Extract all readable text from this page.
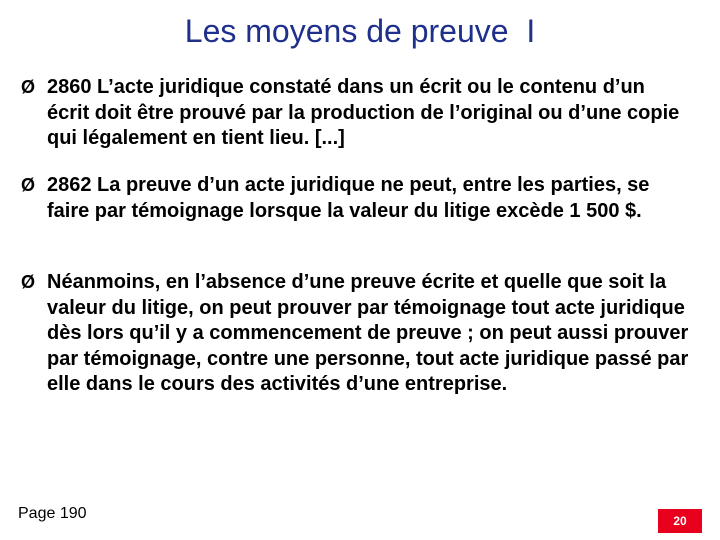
Les moyens de preuve  I
Ø 2860 L’acte juridique constaté dans un écrit ou le contenu d’un écrit doit être prouvé par la production de l’original ou d’une copie qui légalement en tient lieu. [...]
Ø 2862 La preuve d’un acte juridique ne peut, entre les parties, se faire par témoignage lorsque la valeur du litige excède 1 500 $.
Ø Néanmoins, en l’absence d’une preuve écrite et quelle que soit la valeur du litige, on peut prouver par témoignage tout acte juridique dès lors qu’il y a commencement de preuve ; on peut aussi prouver par témoignage, contre une personne, tout acte juridique passé par elle dans le cours des activités d’une entreprise.
Page 190	20
